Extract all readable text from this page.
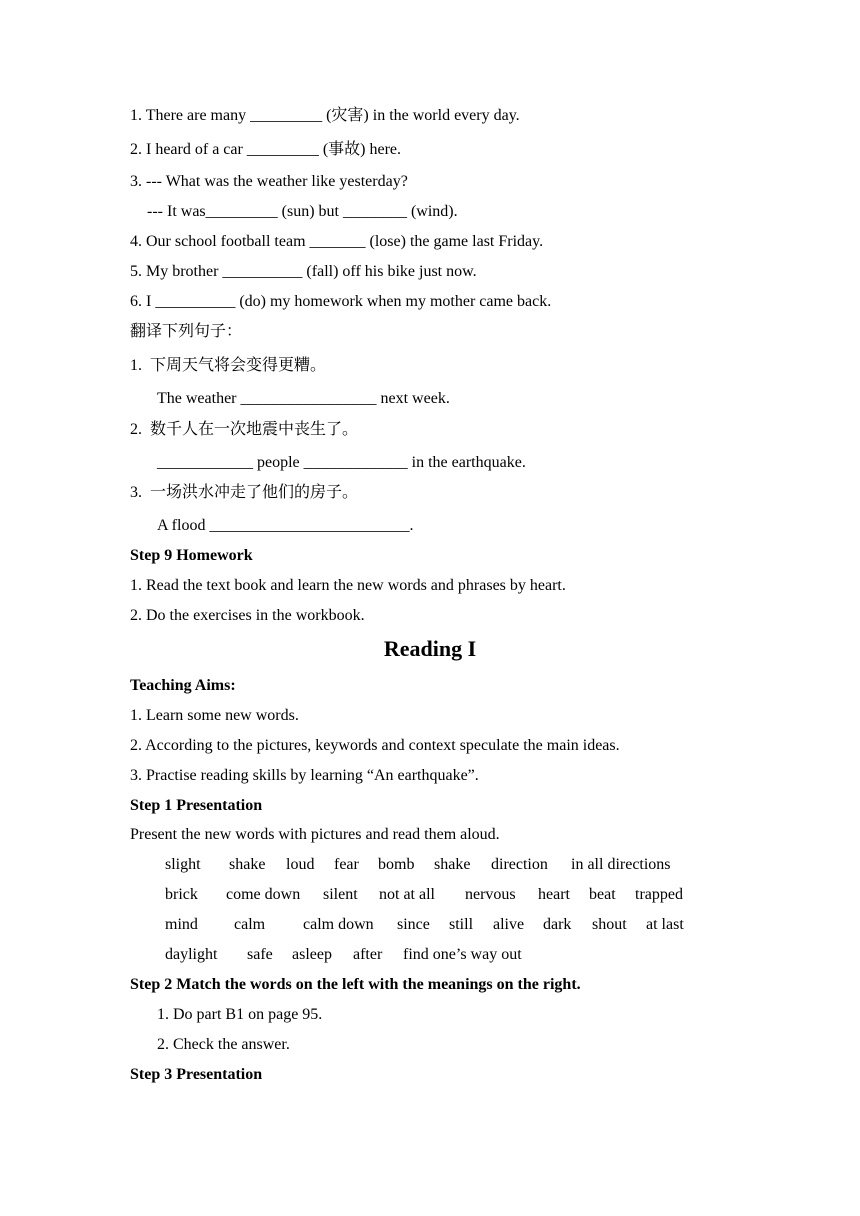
1. There are many _________ (灾害) in the world every day.
2. I heard of a car _________ (事故) here.
3. --- What was the weather like yesterday?
--- It was_________ (sun) but ________ (wind).
4. Our school football team _______ (lose) the game last Friday.
5. My brother __________ (fall) off his bike just now.
6. I __________ (do) my homework when my mother came back.
翻译下列句子：
1.  下周天气将会变得更糟。
The weather _________________ next week.
2.  数千人在一次地震中丧生了。
____________ people _____________ in the earthquake.
3.  一场洪水冲走了他们的房子。
A flood _________________________.
Step 9 Homework
1. Read the text book and learn the new words and phrases by heart.
2. Do the exercises in the workbook.
Reading I
Teaching Aims:
1. Learn some new words.
2. According to the pictures, keywords and context speculate the main ideas.
3. Practise reading skills by learning “An earthquake”.
Step 1 Presentation
Present the new words with pictures and read them aloud.
slight shake loud fear bomb shake direction in all directions
brick come down silent not at all nervous heart beat trapped
mind calm calm down since still alive dark shout at last
daylight safe asleep after find one’s way out
Step 2 Match the words on the left with the meanings on the right.
1. Do part B1 on page 95.
2. Check the answer.
Step 3 Presentation
